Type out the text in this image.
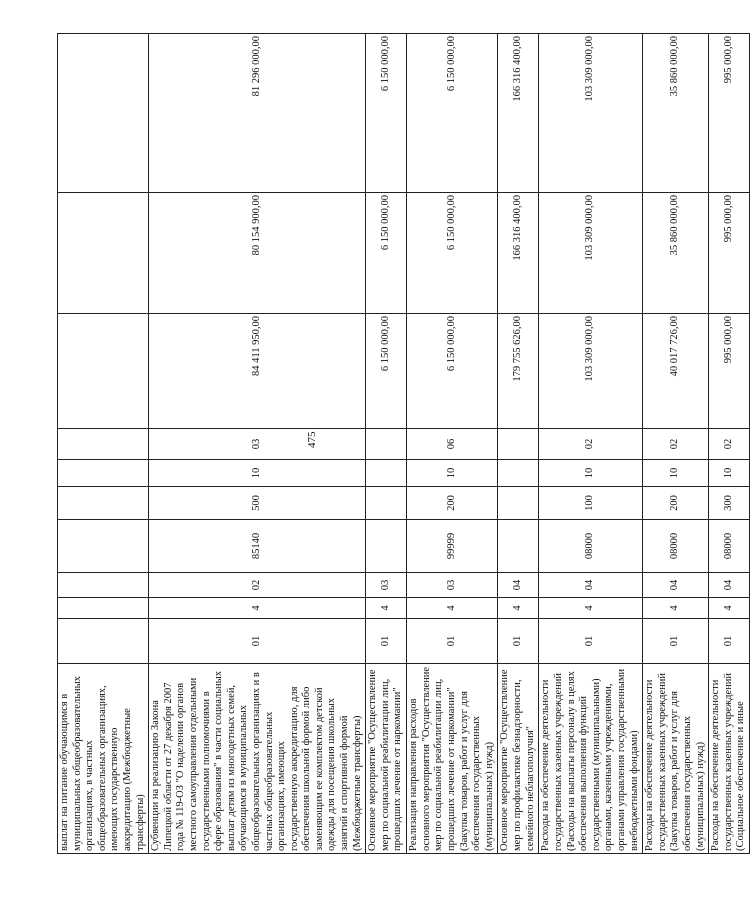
475
выплат на питание обучающимся в муниципальных общеобразовательных организациях, в частных общеобразовательных организациях, имеющих государственную аккредитацию (Межбюджетные трансферты)										
Субвенции на реализацию Закона Липецкой области от 27 декабря 2007 года № 119-ОЗ "О наделении органов местного самоуправления отдельными государственными полномочиями в сфере образования" в части социальных выплат детям из многодетных семей, обучающимся в муниципальных общеобразовательных организациях и в частных общеобразовательных организациях, имеющих государственную аккредитацию, для обеспечения школьной формой либо заменяющим ее комплектом детской одежды для посещения школьных занятий и спортивной формой (Межбюджетные трансферты)	01	4	02	85140	500	10	03	84 411 950,00	80 154 900,00	81 296 000,00
Основное мероприятие "Осуществление мер по социальной реабилитации лиц, прошедших лечение от наркомании"	01	4	03					6 150 000,00	6 150 000,00	6 150 000,00
Реализация направления расходов основного мероприятия "Осуществление мер по социальной реабилитации лиц, прошедших лечение от наркомании" (Закупка товаров, работ и услуг для обеспечения государственных (муниципальных) нужд)	01	4	03	99999	200	10	06	6 150 000,00	6 150 000,00	6 150 000,00
Основное мероприятие "Осуществление мер по профилактике безнадзорности, семейного неблагополучия"	01	4	04					179 755 626,00	166 316 400,00	166 316 400,00
Расходы на обеспечение деятельности государственных казенных учреждений (Расходы на выплаты персоналу в целях обеспечения выполнения функций государственными (муниципальными) органами, казенными учреждениями, органами управления государственными внебюджетными фондами)	01	4	04	08000	100	10	02	103 309 000,00	103 309 000,00	103 309 000,00
Расходы на обеспечение деятельности государственных казенных учреждений (Закупка товаров, работ и услуг для обеспечения государственных (муниципальных) нужд)	01	4	04	08000	200	10	02	40 017 726,00	35 860 000,00	35 860 000,00
Расходы на обеспечение деятельности государственных казенных учреждений (Социальное обеспечение и иные	01	4	04	08000	300	10	02	995 000,00	995 000,00	995 000,00
